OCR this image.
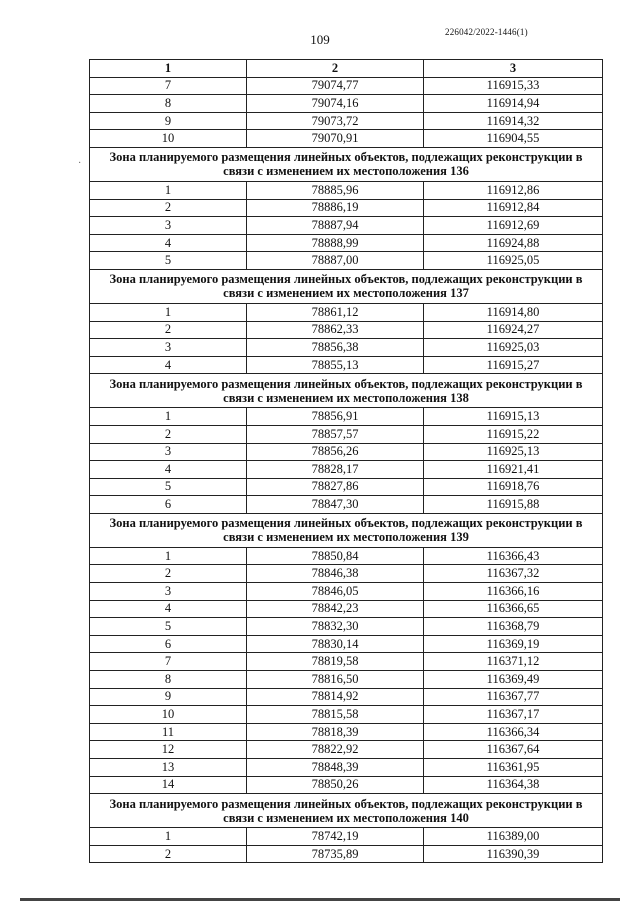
109	226042/2022-1446(1)
·
1	2	3
7	79074,77	116915,33
8	79074,16	116914,94
9	79073,72	116914,32
10	79070,91	116904,55
Зона планируемого размещения линейных объектов, подлежащих реконструкции в связи с изменением их местоположения 136		
1	78885,96	116912,86
2	78886,19	116912,84
3	78887,94	116912,69
4	78888,99	116924,88
5	78887,00	116925,05
Зона планируемого размещения линейных объектов, подлежащих реконструкции в связи с изменением их местоположения 137		
1	78861,12	116914,80
2	78862,33	116924,27
3	78856,38	116925,03
4	78855,13	116915,27
Зона планируемого размещения линейных объектов, подлежащих реконструкции в связи с изменением их местоположения 138		
1	78856,91	116915,13
2	78857,57	116915,22
3	78856,26	116925,13
4	78828,17	116921,41
5	78827,86	116918,76
6	78847,30	116915,88
Зона планируемого размещения линейных объектов, подлежащих реконструкции в связи с изменением их местоположения 139		
1	78850,84	116366,43
2	78846,38	116367,32
3	78846,05	116366,16
4	78842,23	116366,65
5	78832,30	116368,79
6	78830,14	116369,19
7	78819,58	116371,12
8	78816,50	116369,49
9	78814,92	116367,77
10	78815,58	116367,17
11	78818,39	116366,34
12	78822,92	116367,64
13	78848,39	116361,95
14	78850,26	116364,38
Зона планируемого размещения линейных объектов, подлежащих реконструкции в связи с изменением их местоположения 140		
1	78742,19	116389,00
2	78735,89	116390,39
